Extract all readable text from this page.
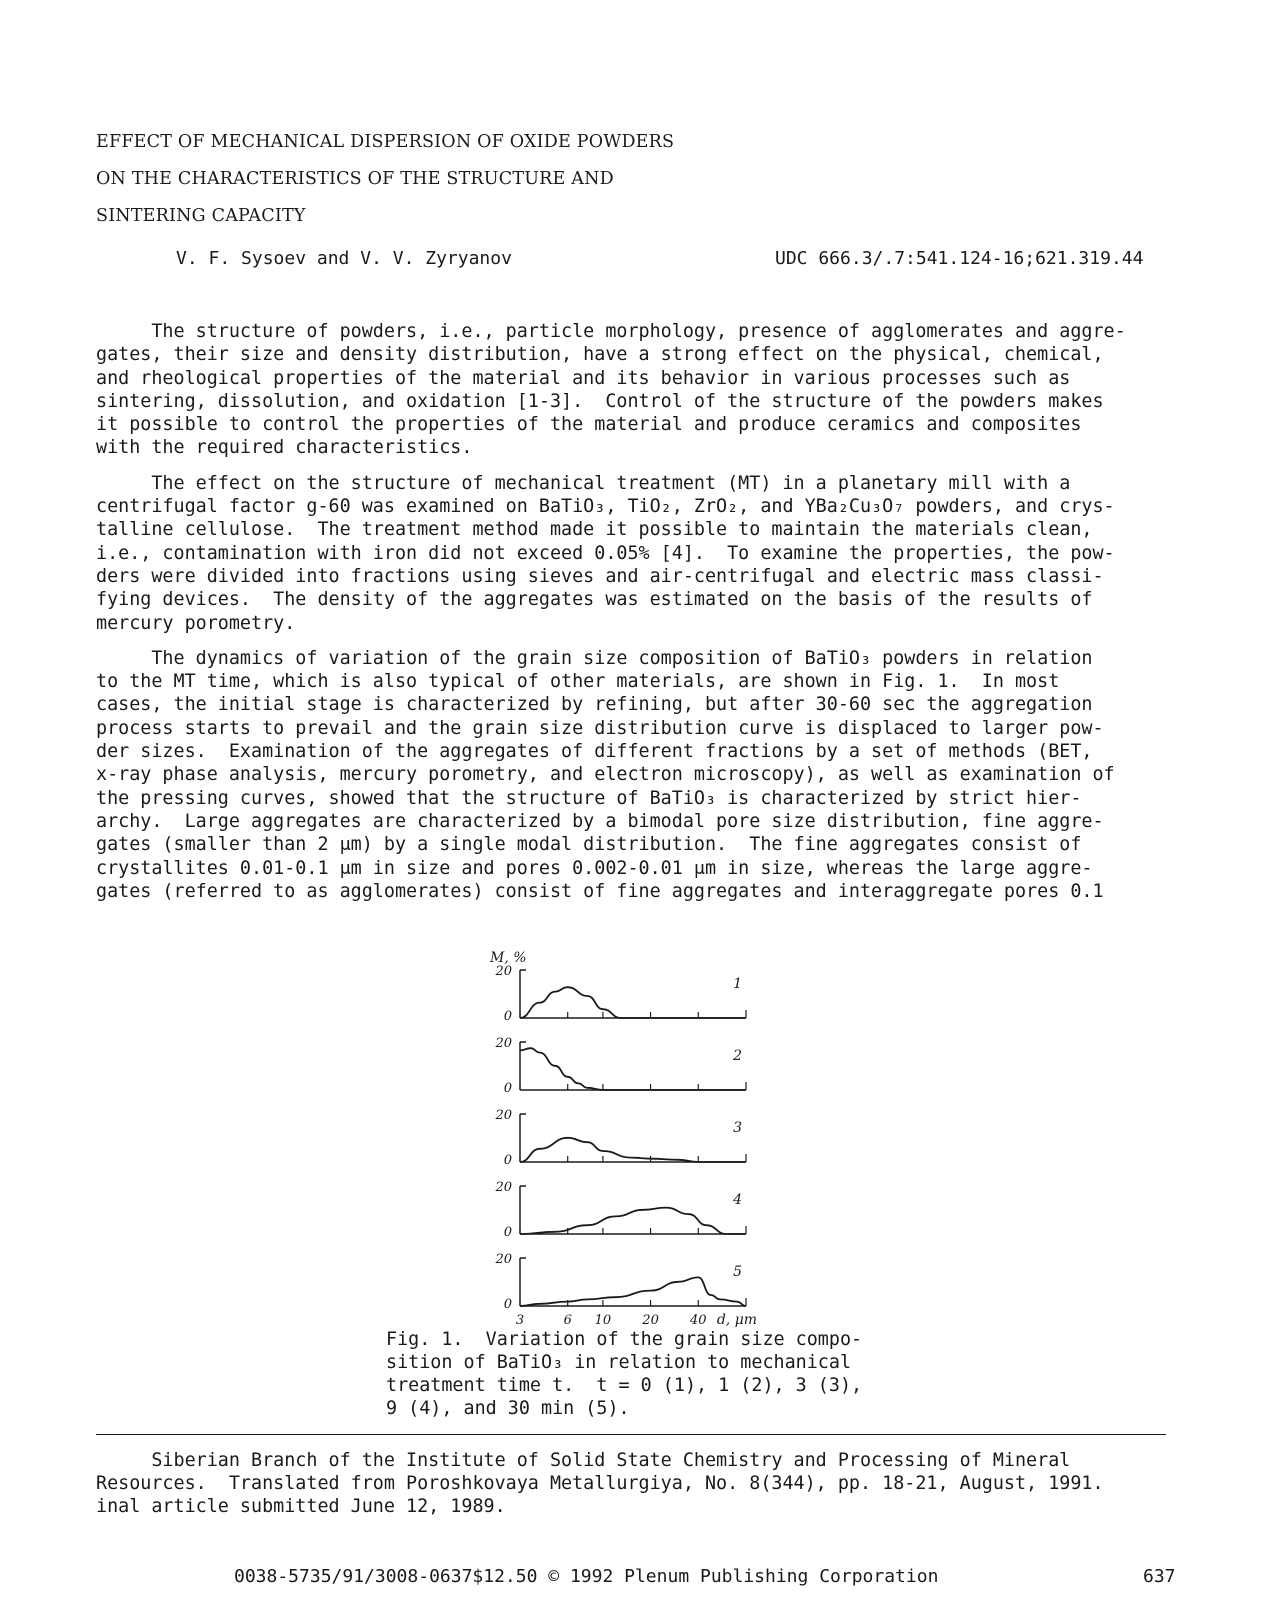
EFFECT OF MECHANICAL DISPERSION OF OXIDE POWDERS
ON THE CHARACTERISTICS OF THE STRUCTURE AND
SINTERING CAPACITY
V. F. Sysoev and V. V. Zyryanov	UDC 666.3/.7:541.124-16;621.319.44
The structure of powders, i.e., particle morphology, presence of agglomerates and aggre-
gates, their size and density distribution, have a strong effect on the physical, chemical,
and rheological properties of the material and its behavior in various processes such as
sintering, dissolution, and oxidation [1-3].  Control of the structure of the powders makes
it possible to control the properties of the material and produce ceramics and composites
with the required characteristics.
The effect on the structure of mechanical treatment (MT) in a planetary mill with a
centrifugal factor g-60 was examined on BaTiO₃, TiO₂, ZrO₂, and YBa₂Cu₃O₇ powders, and crys-
talline cellulose.  The treatment method made it possible to maintain the materials clean,
i.e., contamination with iron did not exceed 0.05% [4].  To examine the properties, the pow-
ders were divided into fractions using sieves and air-centrifugal and electric mass classi-
fying devices.  The density of the aggregates was estimated on the basis of the results of
mercury porometry.
The dynamics of variation of the grain size composition of BaTiO₃ powders in relation
to the MT time, which is also typical of other materials, are shown in Fig. 1.  In most
cases, the initial stage is characterized by refining, but after 30-60 sec the aggregation
process starts to prevail and the grain size distribution curve is displaced to larger pow-
der sizes.  Examination of the aggregates of different fractions by a set of methods (BET,
x-ray phase analysis, mercury porometry, and electron microscopy), as well as examination of
the pressing curves, showed that the structure of BaTiO₃ is characterized by strict hier-
archy.  Large aggregates are characterized by a bimodal pore size distribution, fine aggre-
gates (smaller than 2 μm) by a single modal distribution.  The fine aggregates consist of
crystallites 0.01-0.1 μm in size and pores 0.002-0.01 μm in size, whereas the large aggre-
gates (referred to as agglomerates) consist of fine aggregates and interaggregate pores 0.1
M, %
20
0
1
20
0
2
20
0
3
20
0
4
20
0
5
3	6 10 20 40 d, μm
Fig. 1.  Variation of the grain size compo-
sition of BaTiO₃ in relation to mechanical
treatment time t.  t = 0 (1), 1 (2), 3 (3),
9 (4), and 30 min (5).
Siberian Branch of the Institute of Solid State Chemistry and Processing of Mineral
Resources.  Translated from Poroshkovaya Metallurgiya, No. 8(344), pp. 18-21, August, 1991.
inal article submitted June 12, 1989.
0038-5735/91/3008-0637$12.50 © 1992 Plenum Publishing Corporation	637
